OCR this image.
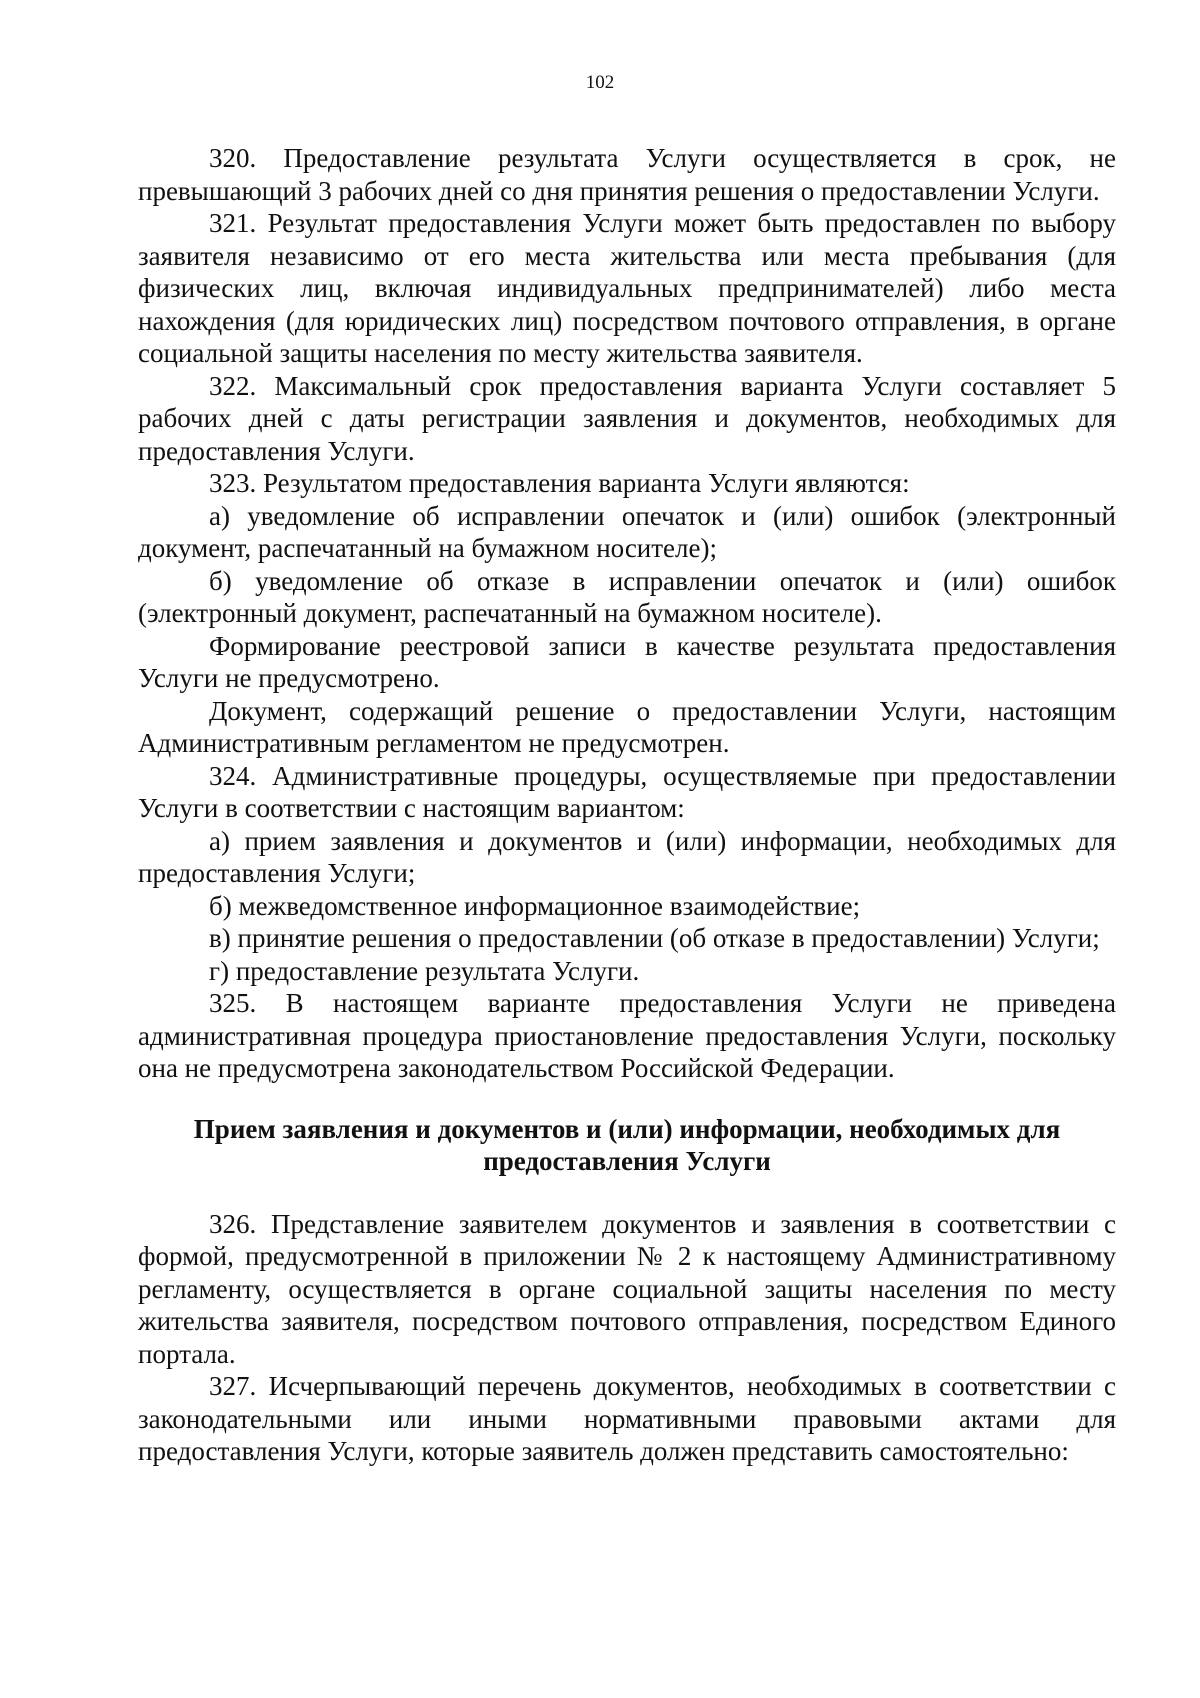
102

320. Предоставление результата Услуги осуществляется в срок, не превышающий 3 рабочих дней со дня принятия решения о предоставлении Услуги.

321. Результат предоставления Услуги может быть предоставлен по выбору заявителя независимо от его места жительства или места пребывания (для физических лиц, включая индивидуальных предпринимателей) либо места нахождения (для юридических лиц) посредством почтового отправления, в органе социальной защиты населения по месту жительства заявителя.

322. Максимальный срок предоставления варианта Услуги составляет 5 рабочих дней с даты регистрации заявления и документов, необходимых для предоставления Услуги.

323. Результатом предоставления варианта Услуги являются:

а) уведомление об исправлении опечаток и (или) ошибок (электронный документ, распечатанный на бумажном носителе);

б) уведомление об отказе в исправлении опечаток и (или) ошибок (электронный документ, распечатанный на бумажном носителе).

Формирование реестровой записи в качестве результата предоставления Услуги не предусмотрено.

Документ, содержащий решение о предоставлении Услуги, настоящим Административным регламентом не предусмотрен.

324. Административные процедуры, осуществляемые при предоставлении Услуги в соответствии с настоящим вариантом:

а) прием заявления и документов и (или) информации, необходимых для предоставления Услуги;

б) межведомственное информационное взаимодействие;

в) принятие решения о предоставлении (об отказе в предоставлении) Услуги;

г) предоставление результата Услуги.

325. В настоящем варианте предоставления Услуги не приведена административная процедура приостановление предоставления Услуги, поскольку она не предусмотрена законодательством Российской Федерации.

Прием заявления и документов и (или) информации, необходимых для
предоставления Услуги

326. Представление заявителем документов и заявления в соответствии с формой, предусмотренной в приложении № 2 к настоящему Административному регламенту, осуществляется в органе социальной защиты населения по месту жительства заявителя, посредством почтового отправления, посредством Единого портала.

327. Исчерпывающий перечень документов, необходимых в соответствии с законодательными или иными нормативными правовыми актами для предоставления Услуги, которые заявитель должен представить самостоятельно:
